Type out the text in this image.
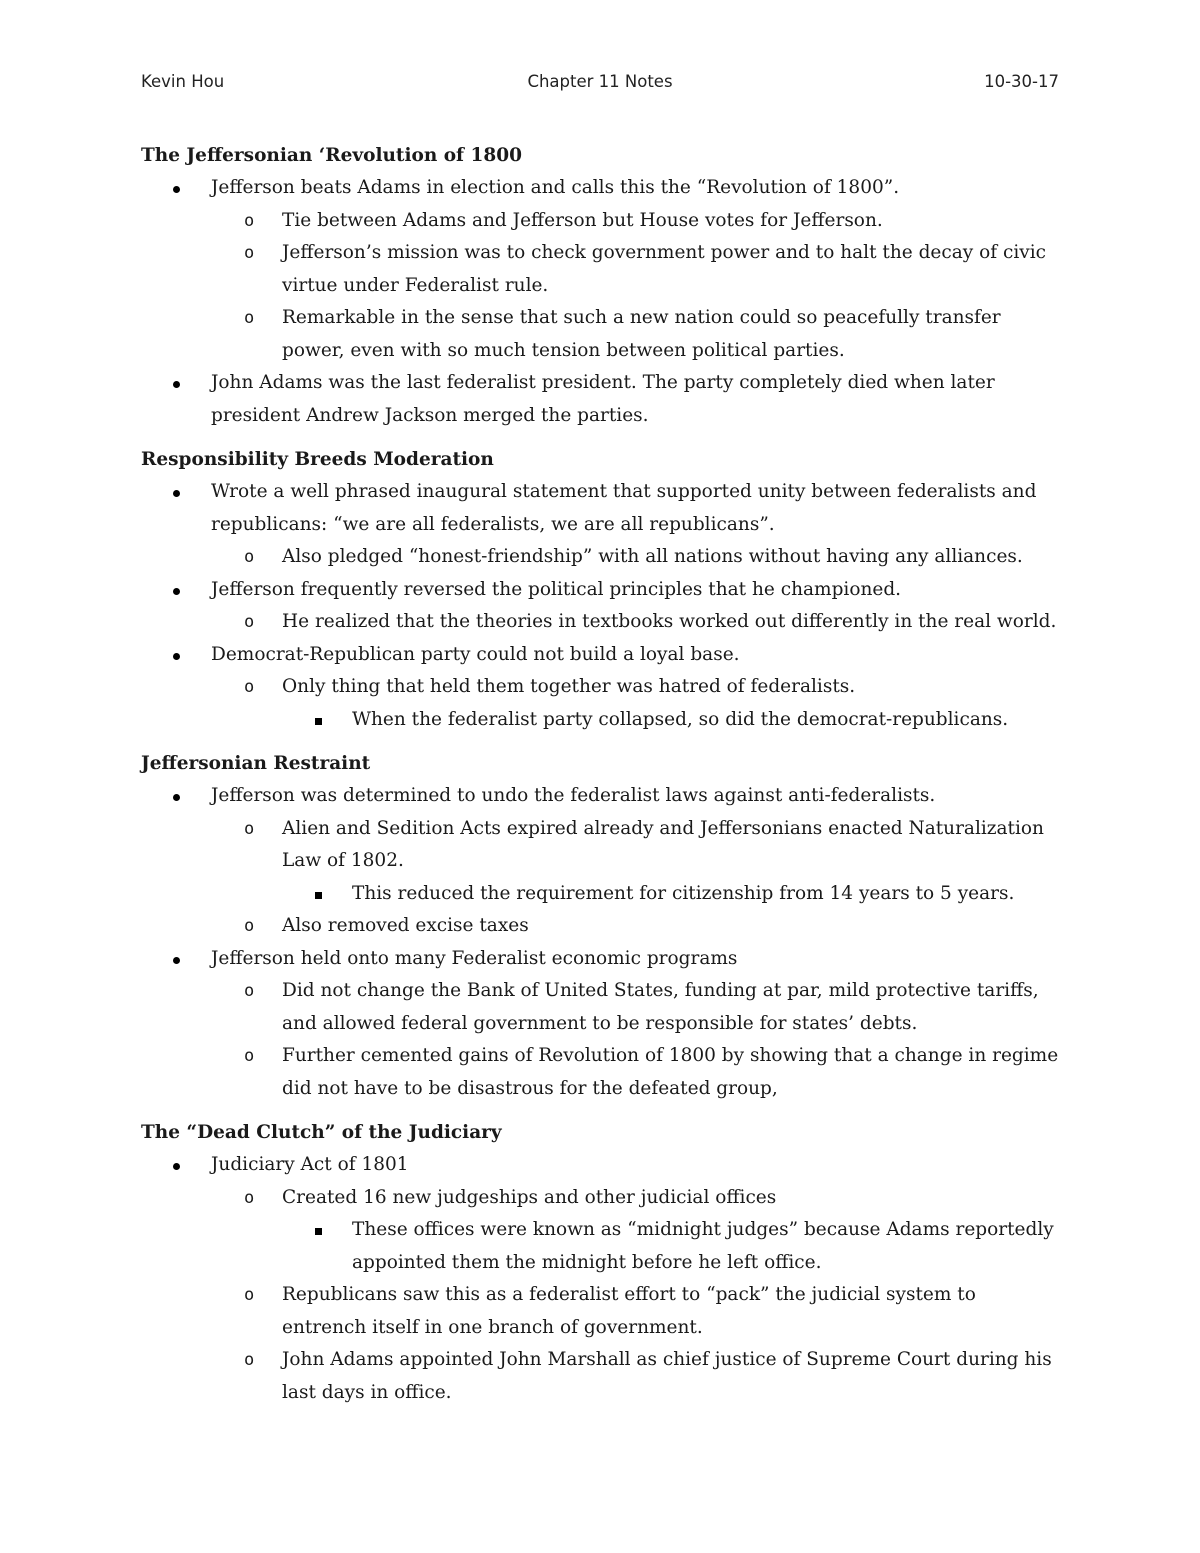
Kevin Hou	Chapter 11 Notes	10-30-17
The Jeffersonian ‘Revolution of 1800
Jefferson beats Adams in election and calls this the “Revolution of 1800”.
o Tie between Adams and Jefferson but House votes for Jefferson.
o Jefferson’s mission was to check government power and to halt the decay of civic virtue under Federalist rule.
o Remarkable in the sense that such a new nation could so peacefully transfer power, even with so much tension between political parties.
John Adams was the last federalist president. The party completely died when later president Andrew Jackson merged the parties.
Responsibility Breeds Moderation
Wrote a well phrased inaugural statement that supported unity between federalists and republicans: “we are all federalists, we are all republicans”.
o Also pledged “honest-friendship” with all nations without having any alliances.
Jefferson frequently reversed the political principles that he championed.
o He realized that the theories in textbooks worked out differently in the real world.
Democrat-Republican party could not build a loyal base.
o Only thing that held them together was hatred of federalists.
When the federalist party collapsed, so did the democrat-republicans.
Jeffersonian Restraint
Jefferson was determined to undo the federalist laws against anti-federalists.
o Alien and Sedition Acts expired already and Jeffersonians enacted Naturalization Law of 1802.
This reduced the requirement for citizenship from 14 years to 5 years.
o Also removed excise taxes
Jefferson held onto many Federalist economic programs
o Did not change the Bank of United States, funding at par, mild protective tariffs, and allowed federal government to be responsible for states’ debts.
o Further cemented gains of Revolution of 1800 by showing that a change in regime did not have to be disastrous for the defeated group,
The “Dead Clutch” of the Judiciary
Judiciary Act of 1801
o Created 16 new judgeships and other judicial offices
These offices were known as “midnight judges” because Adams reportedly appointed them the midnight before he left office.
o Republicans saw this as a federalist effort to “pack” the judicial system to entrench itself in one branch of government.
o John Adams appointed John Marshall as chief justice of Supreme Court during his last days in office.
